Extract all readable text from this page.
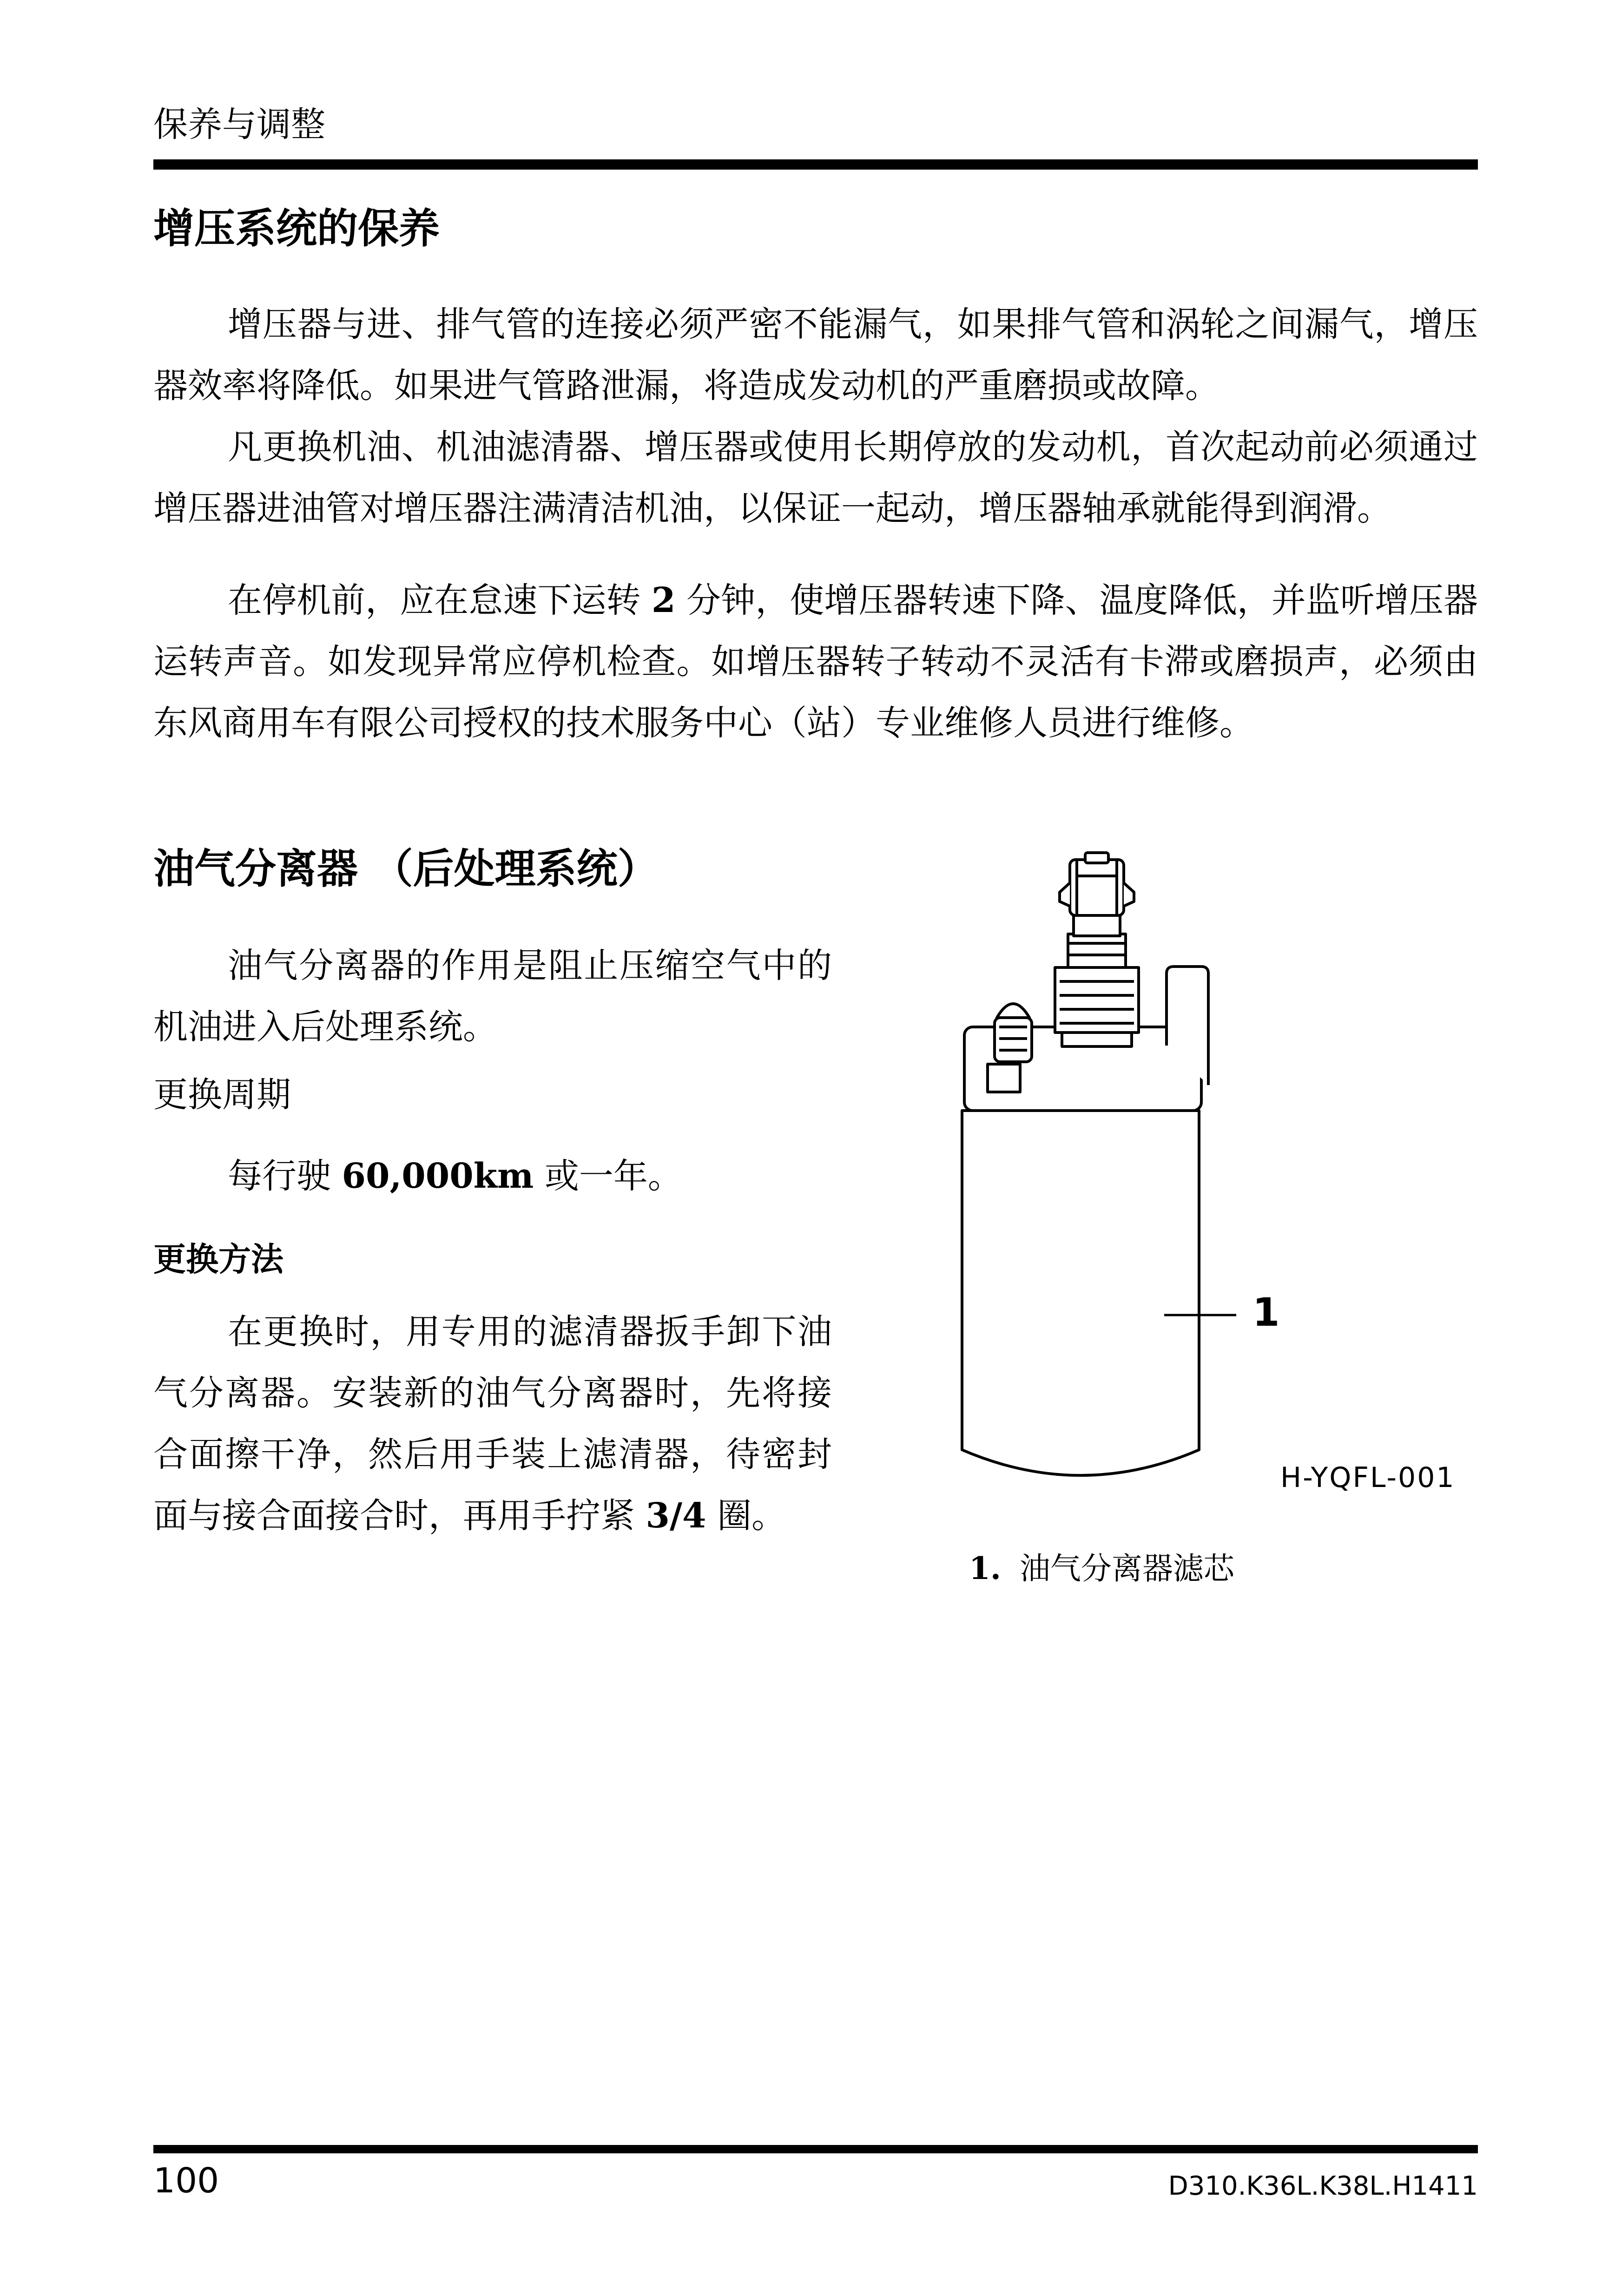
保养与调整
增压系统的保养

增压器与进、排气管的连接必须严密不能漏气，如果排气管和涡轮之间漏气，增压器效率将降低。如果进气管路泄漏，将造成发动机的严重磨损或故障。

凡更换机油、机油滤清器、增压器或使用长期停放的发动机，首次起动前必须通过增压器进油管对增压器注满清洁机油，以保证一起动，增压器轴承就能得到润滑。

在停机前，应在怠速下运转 2 分钟，使增压器转速下降、温度降低，并监听增压器运转声音。如发现异常应停机检查。如增压器转子转动不灵活有卡滞或磨损声，必须由东风商用车有限公司授权的技术服务中心（站）专业维修人员进行维修。

油气分离器 （后处理系统）

油气分离器的作用是阻止压缩空气中的机油进入后处理系统。

更换周期

每行驶 60,000km 或一年。

更换方法

在更换时，用专用的滤清器扳手卸下油气分离器。安装新的油气分离器时，先将接合面擦干净，然后用手装上滤清器，待密封面与接合面接合时，再用手拧紧 3/4 圈。

1
H-YQFL-001
1. 油气分离器滤芯
100	D310.K36L.K38L.H1411
